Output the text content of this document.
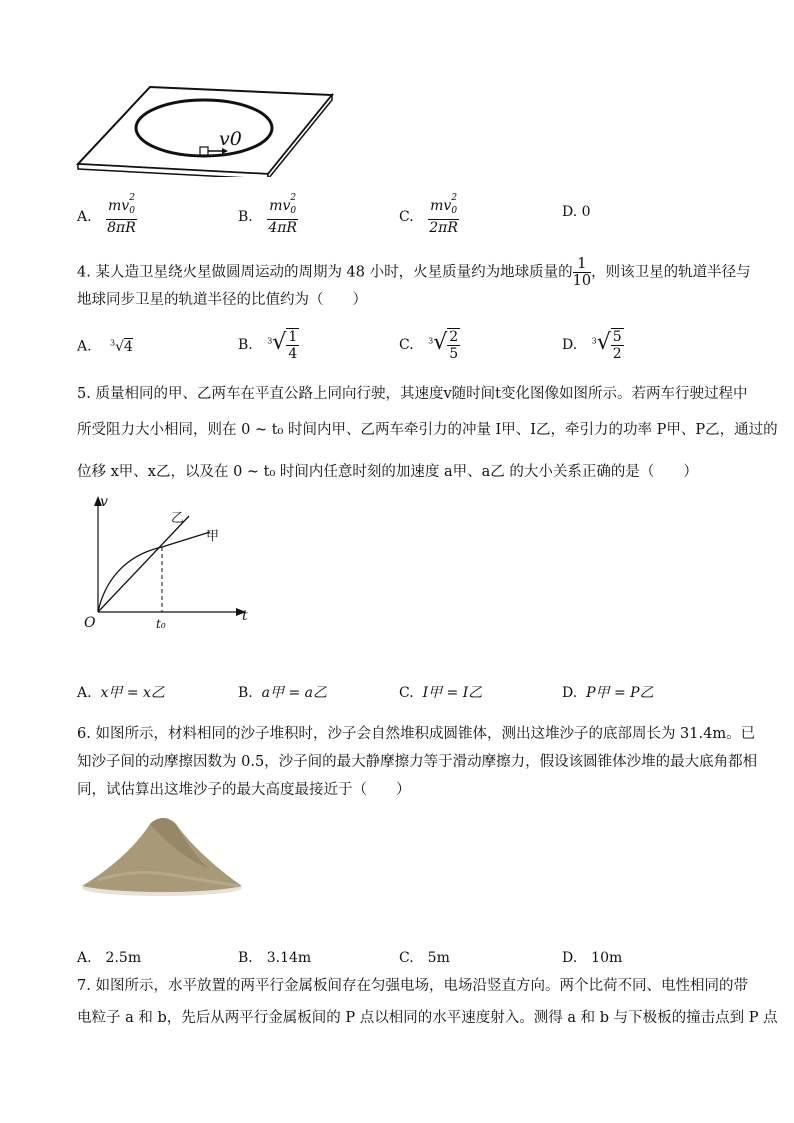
v0
A. mv 2
$_0$
8πR	B. mv 2
$_0$
4πR	C. mv 2
$_0$
2πR	D. 0
4. 某人造卫星绕火星做圆周运动的周期为 48 小时，火星质量约为地球质量的 $\frac{1}{10}$ ，则该卫星的轨道半径与
地球同步卫星的轨道半径的比值约为（　　）
A. $^3$√4	B. $^3√ \frac{1}{4}$	C. $^3√ \frac{2}{5}$	D. $^3√ \frac{5}{2}$
5. 质量相同的甲、乙两车在平直公路上同向行驶，其速度v随时间t变化图像如图所示。若两车行驶过程中
所受阻力大小相同，则在 0 ~ t₀ 时间内甲、乙两车牵引力的冲量 I甲、I乙，牵引力的功率 P甲、P乙，通过的
位移 x甲、x乙，以及在 0 ~ t₀ 时间内任意时刻的加速度 a甲、a乙 的大小关系正确的是（　　）
v
t
O	t₀
乙
甲
A. x甲 = x乙	B. a甲 = a乙	C. I甲 = I乙	D. P甲 = P乙
6. 如图所示，材料相同的沙子堆积时，沙子会自然堆积成圆锥体，测出这堆沙子的底部周长为 31.4m。已
知沙子间的动摩擦因数为 0.5，沙子间的最大静摩擦力等于滑动摩擦力，假设该圆锥体沙堆的最大底角都相
同，试估算出这堆沙子的最大高度最接近于（　　）
A.　2.5m	B.　3.14m	C.　5m	D.　10m
7. 如图所示，水平放置的两平行金属板间存在匀强电场，电场沿竖直方向。两个比荷不同、电性相同的带
电粒子 a 和 b，先后从两平行金属板间的 P 点以相同的水平速度射入。测得 a 和 b 与下极板的撞击点到 P 点
